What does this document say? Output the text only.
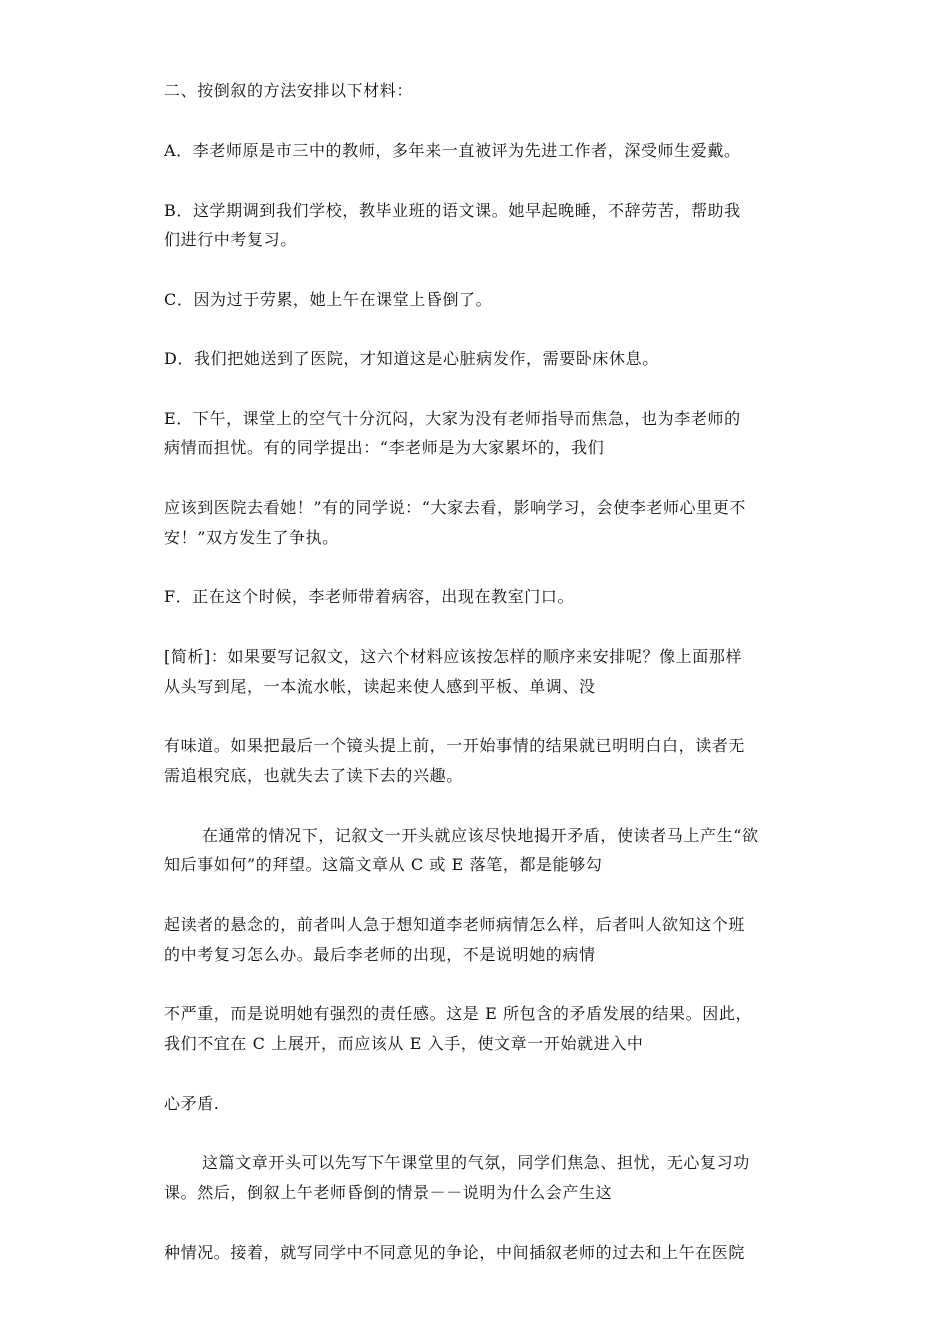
二、按倒叙的方法安排以下材料：
A．李老师原是市三中的教师，多年来一直被评为先进工作者，深受师生爱戴。
B．这学期调到我们学校，教毕业班的语文课。她早起晚睡，不辞劳苦，帮助我
们进行中考复习。
C．因为过于劳累，她上午在课堂上昏倒了。
D．我们把她送到了医院，才知道这是心脏病发作，需要卧床休息。
E．下午，课堂上的空气十分沉闷，大家为没有老师指导而焦急，也为李老师的
病情而担忧。有的同学提出：“李老师是为大家累坏的，我们
应该到医院去看她！”有的同学说：“大家去看，影响学习，会使李老师心里更不
安！”双方发生了争执。
F．正在这个时候，李老师带着病容，出现在教室门口。
[简析]：如果要写记叙文，这六个材料应该按怎样的顺序来安排呢？像上面那样
从头写到尾，一本流水帐，读起来使人感到平板、单调、没
有味道。如果把最后一个镜头提上前，一开始事情的结果就已明明白白，读者无
需追根究底，也就失去了读下去的兴趣。
在通常的情况下，记叙文一开头就应该尽快地揭开矛盾，使读者马上产生“欲
知后事如何”的拜望。这篇文章从 C 或 E 落笔，都是能够勾
起读者的悬念的，前者叫人急于想知道李老师病情怎么样，后者叫人欲知这个班
的中考复习怎么办。最后李老师的出现，不是说明她的病情
不严重，而是说明她有强烈的责任感。这是 E 所包含的矛盾发展的结果。因此，
我们不宜在 C 上展开，而应该从 E 入手，使文章一开始就进入中
心矛盾.
这篇文章开头可以先写下午课堂里的气氛，同学们焦急、担忧，无心复习功
课。然后，倒叙上午老师昏倒的情景－－说明为什么会产生这
种情况。接着，就写同学中不同意见的争论，中间插叙老师的过去和上午在医院
